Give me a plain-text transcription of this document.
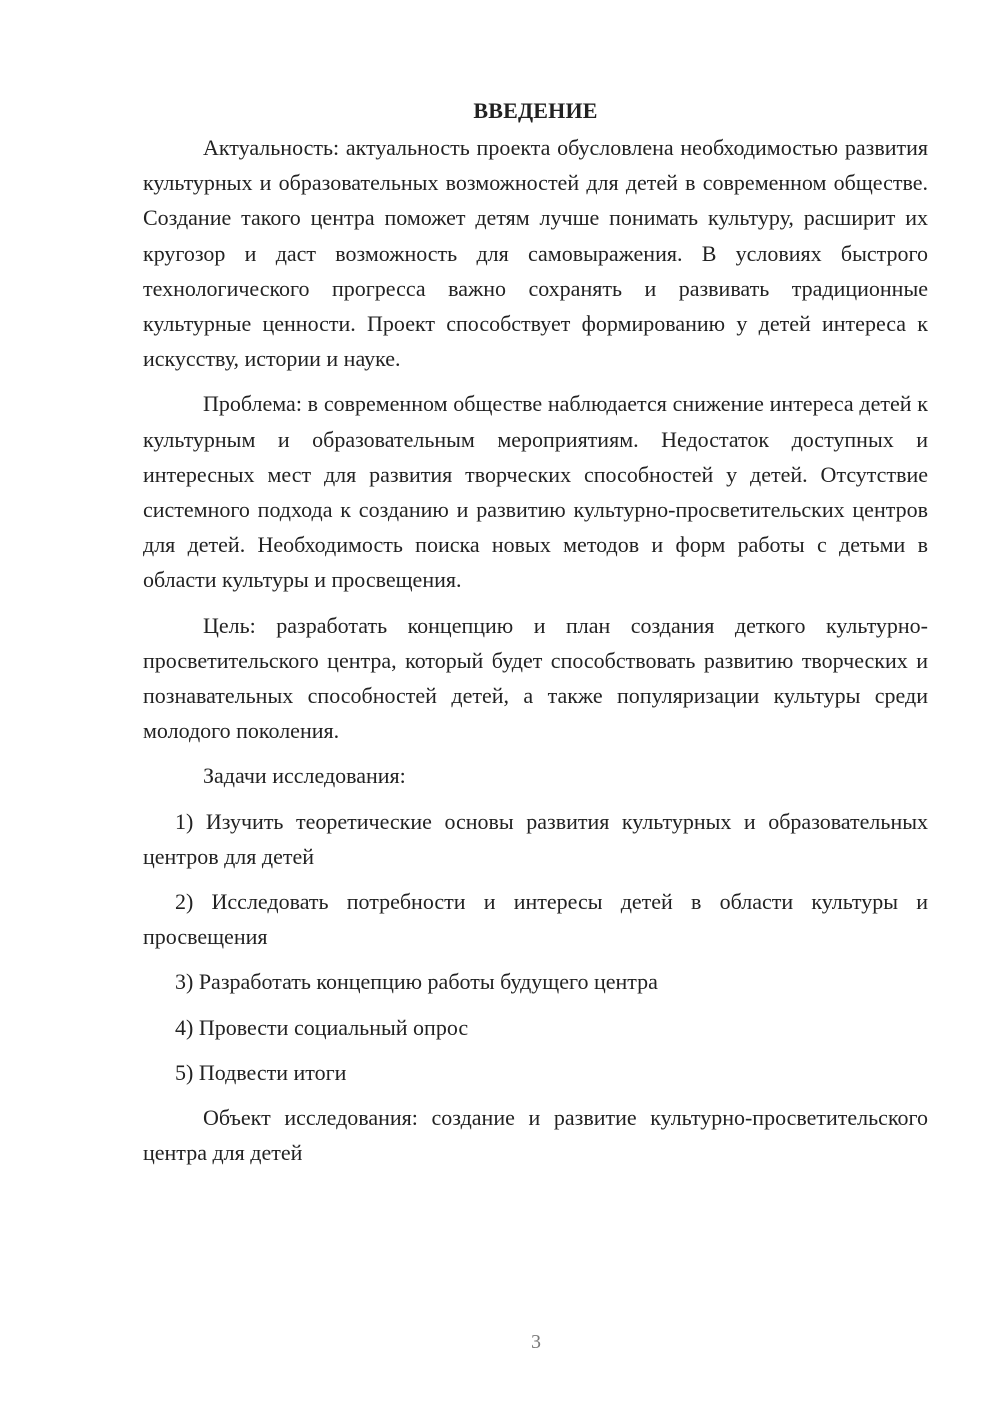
ВВЕДЕНИЕ

Актуальность: актуальность проекта обусловлена необходимостью развития культурных и образовательных возможностей для детей в современном обществе. Создание такого центра поможет детям лучше понимать культуру, расширит их кругозор и даст возможность для самовыражения. В условиях быстрого технологического прогресса важно сохранять и развивать традиционные культурные ценности. Проект способствует формированию у детей интереса к искусству, истории и науке.

Проблема: в современном обществе наблюдается снижение интереса детей к культурным и образовательным мероприятиям. Недостаток доступных и интересных мест для развития творческих способностей у детей. Отсутствие системного подхода к созданию и развитию культурно-просветительских центров для детей. Необходимость поиска новых методов и форм работы с детьми в области культуры и просвещения.

Цель: разработать концепцию и план создания деткого культурно-просветительского центра, который будет способствовать развитию творческих и познавательных способностей детей, а также популяризации культуры среди молодого поколения.

Задачи исследования:

1) Изучить теоретические основы развития культурных и образовательных центров для детей

2) Исследовать потребности и интересы детей в области культуры и просвещения

3) Разработать концепцию работы будущего центра

4) Провести социальный опрос

5) Подвести итоги

Объект исследования: создание и развитие культурно-просветительского центра для детей

3
